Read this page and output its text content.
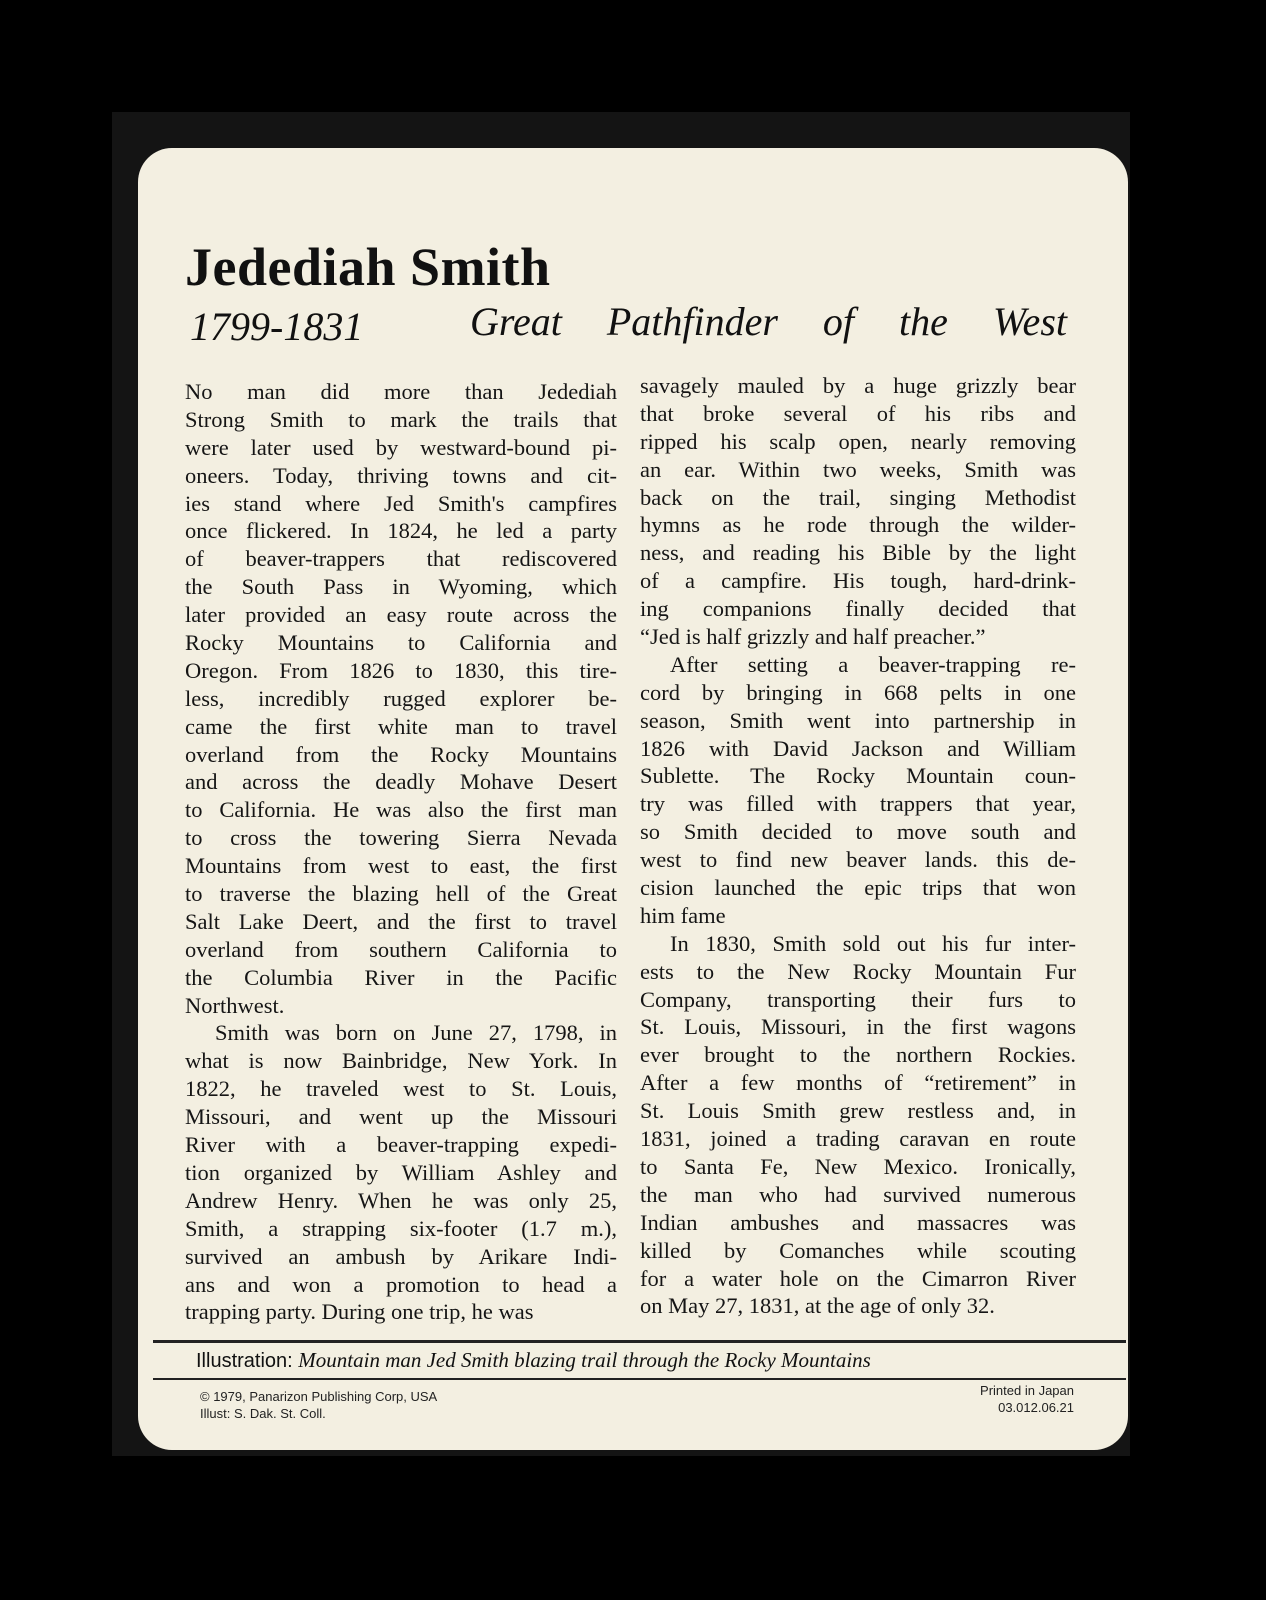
Jedediah Smith
1799-1831	Great Pathfinder of the West
No man did more than Jedediah
Strong Smith to mark the trails that
were later used by westward-bound pi-
oneers. Today, thriving towns and cit-
ies stand where Jed Smith's campfires
once flickered. In 1824, he led a party
of beaver-trappers that rediscovered
the South Pass in Wyoming, which
later provided an easy route across the
Rocky Mountains to California and
Oregon. From 1826 to 1830, this tire-
less, incredibly rugged explorer be-
came the first white man to travel
overland from the Rocky Mountains
and across the deadly Mohave Desert
to California. He was also the first man
to cross the towering Sierra Nevada
Mountains from west to east, the first
to traverse the blazing hell of the Great
Salt Lake Deert, and the first to travel
overland from southern California to
the Columbia River in the Pacific
Northwest.
Smith was born on June 27, 1798, in
what is now Bainbridge, New York. In
1822, he traveled west to St. Louis,
Missouri, and went up the Missouri
River with a beaver-trapping expedi-
tion organized by William Ashley and
Andrew Henry. When he was only 25,
Smith, a strapping six-footer (1.7 m.),
survived an ambush by Arikare Indi-
ans and won a promotion to head a
trapping party. During one trip, he was
savagely mauled by a huge grizzly bear
that broke several of his ribs and
ripped his scalp open, nearly removing
an ear. Within two weeks, Smith was
back on the trail, singing Methodist
hymns as he rode through the wilder-
ness, and reading his Bible by the light
of a campfire. His tough, hard-drink-
ing companions finally decided that
“Jed is half grizzly and half preacher.”
After setting a beaver-trapping re-
cord by bringing in 668 pelts in one
season, Smith went into partnership in
1826 with David Jackson and William
Sublette. The Rocky Mountain coun-
try was filled with trappers that year,
so Smith decided to move south and
west to find new beaver lands. this de-
cision launched the epic trips that won
him fame
In 1830, Smith sold out his fur inter-
ests to the New Rocky Mountain Fur
Company, transporting their furs to
St. Louis, Missouri, in the first wagons
ever brought to the northern Rockies.
After a few months of “retirement” in
St. Louis Smith grew restless and, in
1831, joined a trading caravan en route
to Santa Fe, New Mexico. Ironically,
the man who had survived numerous
Indian ambushes and massacres was
killed by Comanches while scouting
for a water hole on the Cimarron River
on May 27, 1831, at the age of only 32.
Illustration: Mountain man Jed Smith blazing trail through the Rocky Mountains
© 1979, Panarizon Publishing Corp, USA
Illust: S. Dak. St. Coll.
Printed in Japan
03.012.06.21
